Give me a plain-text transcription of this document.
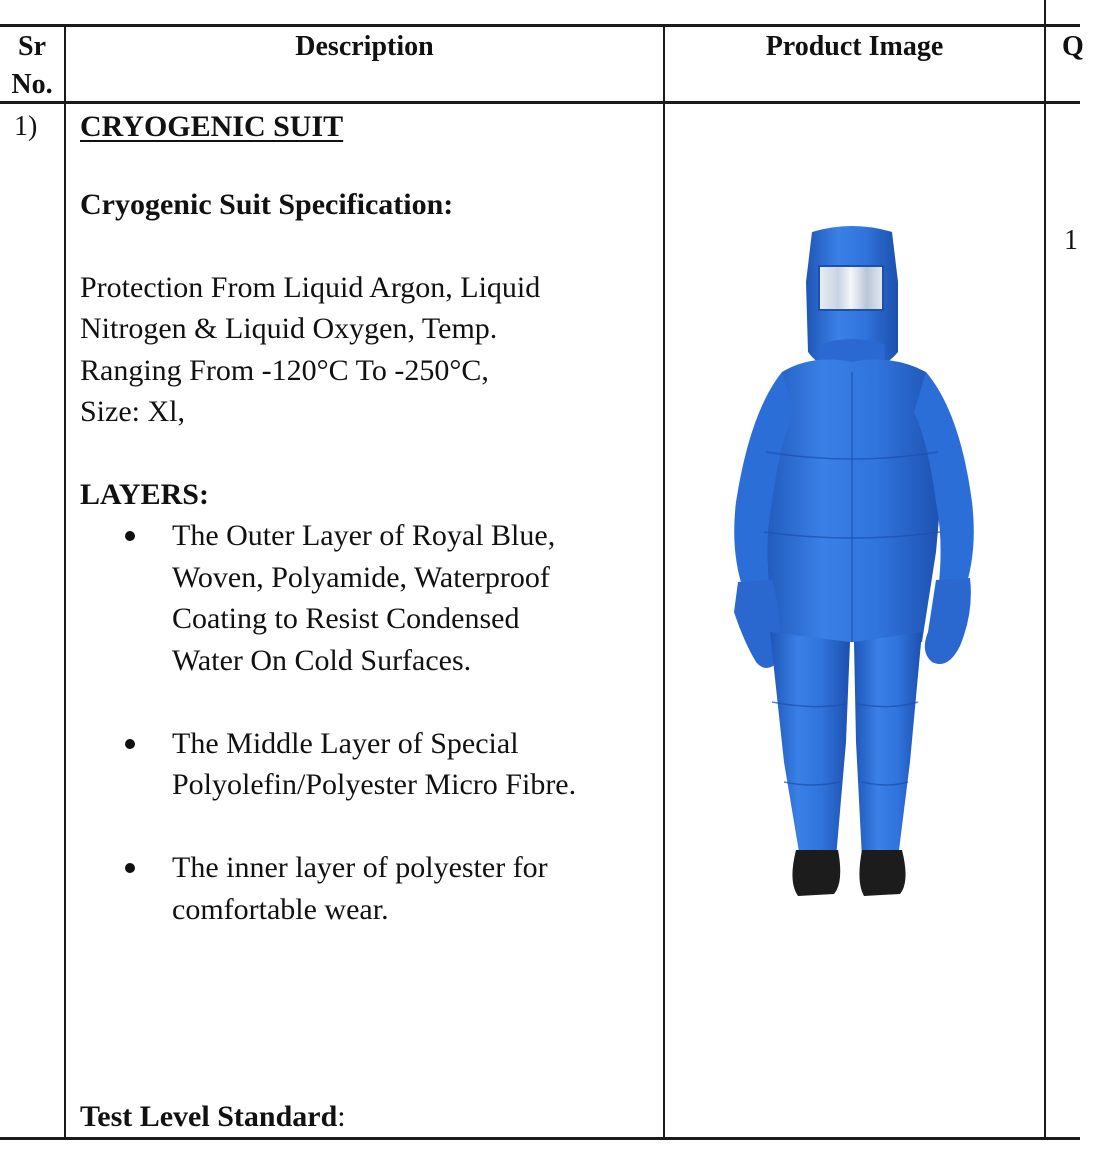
Sr
No.
Description	Product Image	Q
1)
1
CRYOGENIC SUIT
Cryogenic Suit Specification:
Protection From Liquid Argon, Liquid
Nitrogen & Liquid Oxygen, Temp.
Ranging From -120°C To -250°C,
Size: Xl,
LAYERS:
The Outer Layer of Royal Blue,
Woven, Polyamide, Waterproof
Coating to Resist Condensed
Water On Cold Surfaces.
The Middle Layer of Special
Polyolefin/Polyester Micro Fibre.
The inner layer of polyester for
comfortable wear.
Test Level Standard:
